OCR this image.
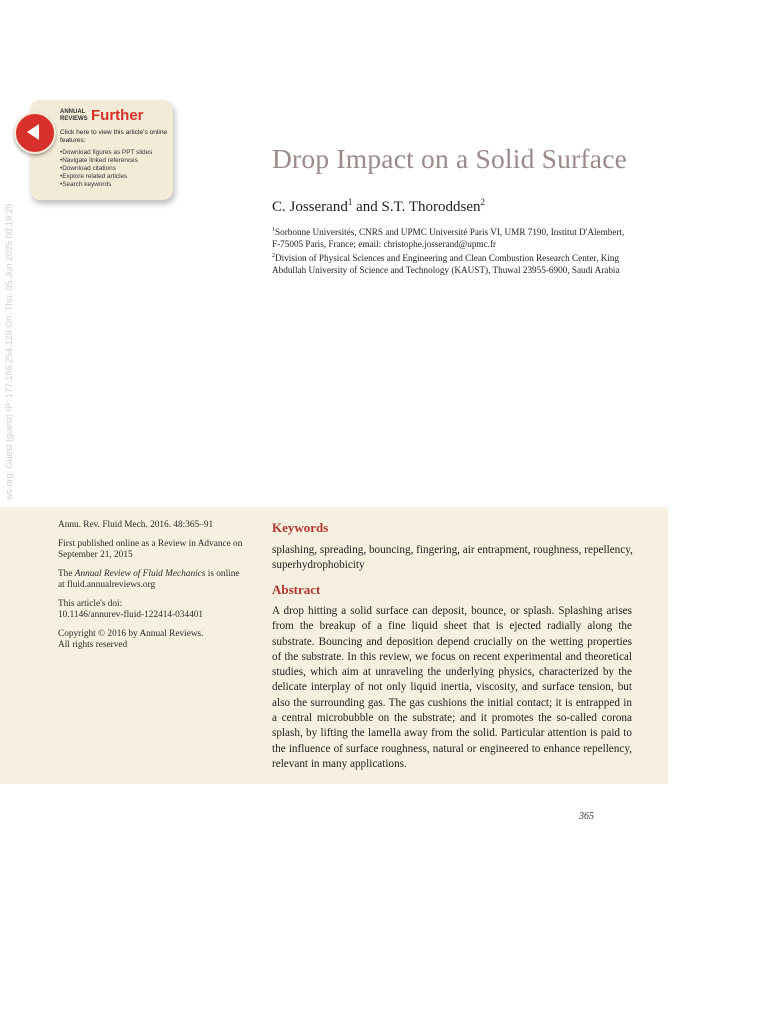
ANNUAL REVIEWS Further
Click here to view this article's online features:
• Download figures as PPT slides
• Navigate linked references
• Download citations
• Explore related articles
• Search keywords
ws.org. Guest (guest) IP: 177.106.254.128 On: Thu, 05 Jun 2025 00:19:29
Drop Impact on a Solid Surface
C. Josserand$^1$ and S.T. Thoroddsen$^2$
$^1$Sorbonne Universités, CNRS and UPMC Université Paris VI, UMR 7190, Institut D'Alembert, F-75005 Paris, France; email: christophe.josserand@upmc.fr
$^2$Division of Physical Sciences and Engineering and Clean Combustion Research Center, King Abdullah University of Science and Technology (KAUST), Thuwal 23955-6900, Saudi Arabia

Annu. Rev. Fluid Mech. 2016. 48:365–91

First published online as a Review in Advance on September 21, 2015

The Annual Review of Fluid Mechanics is online at fluid.annualreviews.org

This article's doi:
10.1146/annurev-fluid-122414-034401

Copyright © 2016 by Annual Reviews.
All rights reserved

Keywords
splashing, spreading, bouncing, fingering, air entrapment, roughness, repellency, superhydrophobicity
Abstract
A drop hitting a solid surface can deposit, bounce, or splash. Splashing arises from the breakup of a fine liquid sheet that is ejected radially along the substrate. Bouncing and deposition depend crucially on the wetting properties of the substrate. In this review, we focus on recent experimental and theoretical studies, which aim at unraveling the underlying physics, characterized by the delicate interplay of not only liquid inertia, viscosity, and surface tension, but also the surrounding gas. The gas cushions the initial contact; it is entrapped in a central microbubble on the substrate; and it promotes the so-called corona splash, by lifting the lamella away from the solid. Particular attention is paid to the influence of surface roughness, natural or engineered to enhance repellency, relevant in many applications.
365
